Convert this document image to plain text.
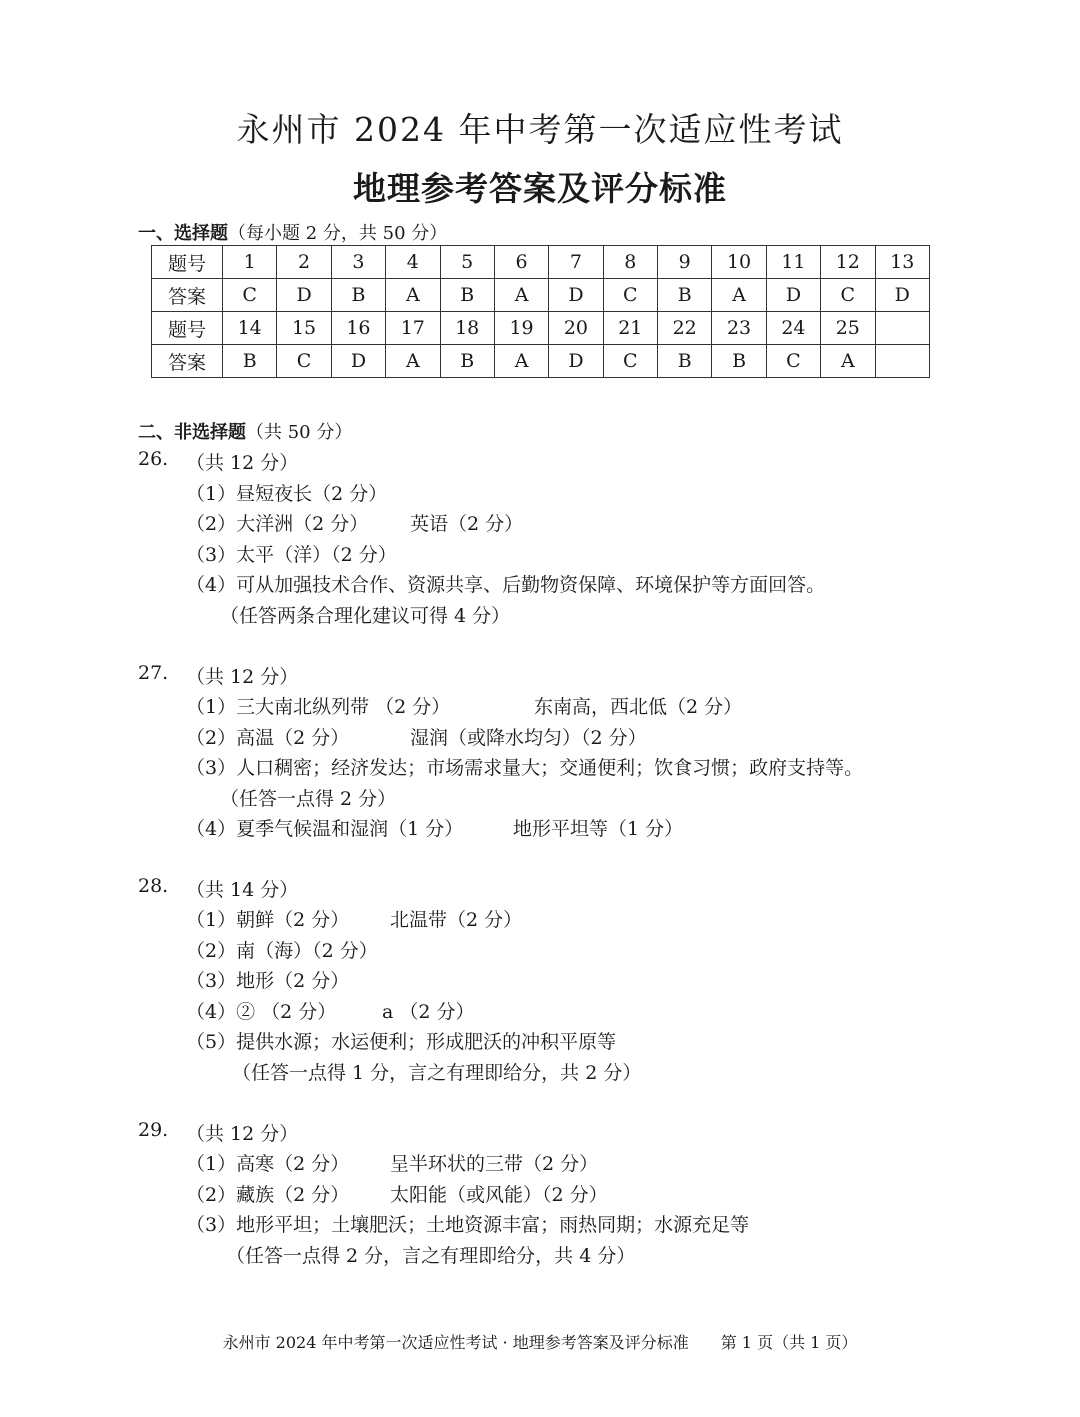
永州市 2024 年中考第一次适应性考试
地理参考答案及评分标准
一、选择题（每小题 2 分，共 50 分）
题号	1	2	3	4	5	6	7	8	9	10	11	12	13
答案	C	D	B	A	B	A	D	C	B	A	D	C	D
题号	14	15	16	17	18	19	20	21	22	23	24	25	
答案	B	C	D	A	B	A	D	C	B	B	C	A	
二、非选择题（共 50 分）
26. （共 12 分）
（1）昼短夜长（2 分）
（2）大洋洲（2 分） 英语（2 分）
（3）太平（洋）（2 分）
（4）可从加强技术合作、资源共享、后勤物资保障、环境保护等方面回答。
（任答两条合理化建议可得 4 分）
27. （共 12 分）
（1）三大南北纵列带 （2 分）	东南高，西北低（2 分）
（2）高温（2 分）	湿润（或降水均匀）（2 分）
（3）人口稠密；经济发达；市场需求量大；交通便利；饮食习惯；政府支持等。
（任答一点得 2 分）
（4）夏季气候温和湿润（1 分）	地形平坦等（1 分）
28. （共 14 分）
（1）朝鲜（2 分） 北温带（2 分）
（2）南（海）（2 分）
（3）地形（2 分）
（4）② （2 分） a （2 分）
（5）提供水源；水运便利；形成肥沃的冲积平原等
（任答一点得 1 分，言之有理即给分，共 2 分）
29. （共 12 分）
（1）高寒（2 分） 呈半环状的三带（2 分）
（2）藏族（2 分） 太阳能（或风能）（2 分）
（3）地形平坦；土壤肥沃；土地资源丰富；雨热同期；水源充足等
（任答一点得 2 分，言之有理即给分，共 4 分）
永州市 2024 年中考第一次适应性考试 · 地理参考答案及评分标准　　第 1 页（共 1 页）
